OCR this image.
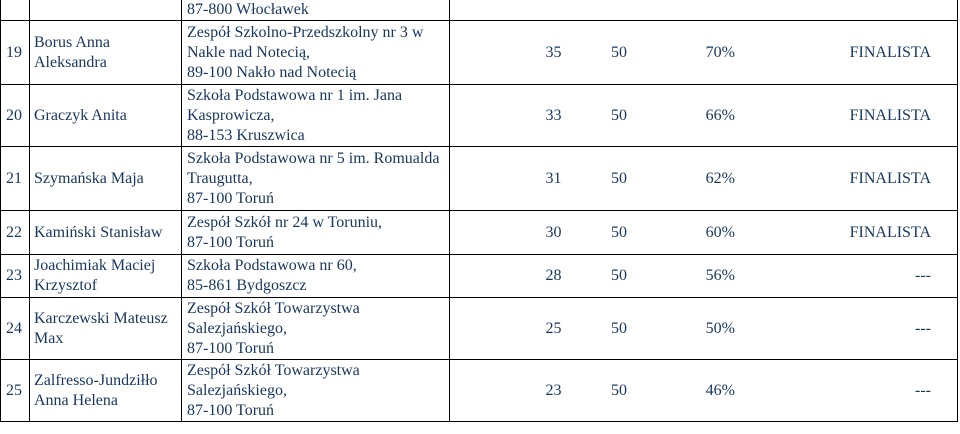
		87-800 Włocławek				
19	Borus Anna
Aleksandra	Zespół Szkolno-Przedszkolny nr 3 w
Nakle nad Notecią,
89-100 Nakło nad Notecią	35	50	70%	FINALISTA
20	Graczyk Anita	Szkoła Podstawowa nr 1 im. Jana
Kasprowicza,
88-153 Kruszwica	33	50	66%	FINALISTA
21	Szymańska Maja	Szkoła Podstawowa nr 5 im. Romualda
Traugutta,
87-100 Toruń	31	50	62%	FINALISTA
22	Kamiński Stanisław	Zespół Szkół nr 24 w Toruniu,
87-100 Toruń	30	50	60%	FINALISTA
23	Joachimiak Maciej
Krzysztof	Szkoła Podstawowa nr 60,
85-861 Bydgoszcz	28	50	56%	---
24	Karczewski Mateusz
Max	Zespół Szkół Towarzystwa
Salezjańskiego,
87-100 Toruń	25	50	50%	---
25	Zalfresso-Jundziłło
Anna Helena	Zespół Szkół Towarzystwa
Salezjańskiego,
87-100 Toruń	23	50	46%	---
